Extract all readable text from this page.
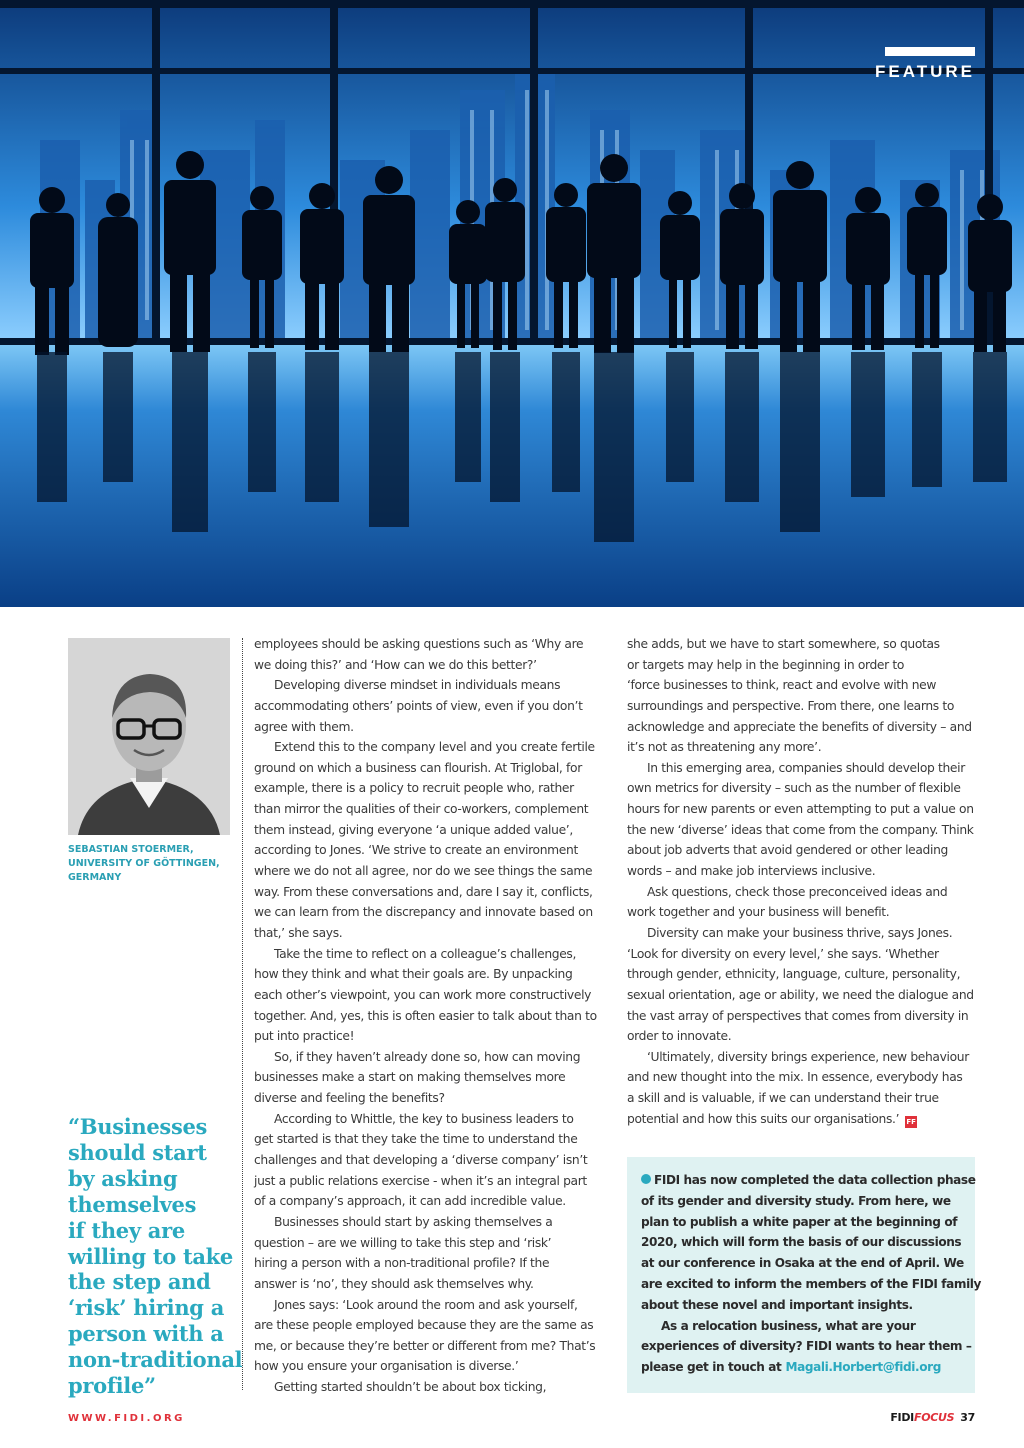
FEATURE
SEBASTIAN STOERMER,
UNIVERSITY OF GÖTTINGEN,
GERMANY
“Businesses
should start
by asking
themselves
if they are
willing to take
the step and
‘risk’ hiring a
person with a
non-traditional
profile”
employees should be asking questions such as ‘Why are
we doing this?’ and ‘How can we do this better?’
Developing diverse mindset in individuals means
accommodating others’ points of view, even if you don’t
agree with them.
Extend this to the company level and you create fertile
ground on which a business can flourish. At Triglobal, for
example, there is a policy to recruit people who, rather
than mirror the qualities of their co-workers, complement
them instead, giving everyone ‘a unique added value’,
according to Jones. ‘We strive to create an environment
where we do not all agree, nor do we see things the same
way. From these conversations and, dare I say it, conflicts,
we can learn from the discrepancy and innovate based on
that,’ she says.
Take the time to reflect on a colleague’s challenges,
how they think and what their goals are. By unpacking
each other’s viewpoint, you can work more constructively
together. And, yes, this is often easier to talk about than to
put into practice!
So, if they haven’t already done so, how can moving
businesses make a start on making themselves more
diverse and feeling the benefits?
According to Whittle, the key to business leaders to
get started is that they take the time to understand the
challenges and that developing a ‘diverse company’ isn’t
just a public relations exercise - when it’s an integral part
of a company’s approach, it can add incredible value.
Businesses should start by asking themselves a
question – are we willing to take this step and ‘risk’
hiring a person with a non-traditional profile? If the
answer is ‘no’, they should ask themselves why.
Jones says: ‘Look around the room and ask yourself,
are these people employed because they are the same as
me, or because they’re better or different from me? That’s
how you ensure your organisation is diverse.’
Getting started shouldn’t be about box ticking,
she adds, but we have to start somewhere, so quotas
or targets may help in the beginning in order to
‘force businesses to think, react and evolve with new
surroundings and perspective. From there, one learns to
acknowledge and appreciate the benefits of diversity – and
it’s not as threatening any more’.
In this emerging area, companies should develop their
own metrics for diversity – such as the number of flexible
hours for new parents or even attempting to put a value on
the new ‘diverse’ ideas that come from the company. Think
about job adverts that avoid gendered or other leading
words – and make job interviews inclusive.
Ask questions, check those preconceived ideas and
work together and your business will benefit.
Diversity can make your business thrive, says Jones.
‘Look for diversity on every level,’ she says. ‘Whether
through gender, ethnicity, language, culture, personality,
sexual orientation, age or ability, we need the dialogue and
the vast array of perspectives that comes from diversity in
order to innovate.
‘Ultimately, diversity brings experience, new behaviour
and new thought into the mix. In essence, everybody has
a skill and is valuable, if we can understand their true
potential and how this suits our organisations.’ FF
FIDI has now completed the data collection phase
of its gender and diversity study. From here, we
plan to publish a white paper at the beginning of
2020, which will form the basis of our discussions
at our conference in Osaka at the end of April. We
are excited to inform the members of the FIDI family
about these novel and important insights.
As a relocation business, what are your
experiences of diversity? FIDI wants to hear them –
please get in touch at Magali.Horbert@fidi.org
WWW.FIDI.ORG	FIDIFOCUS 37
